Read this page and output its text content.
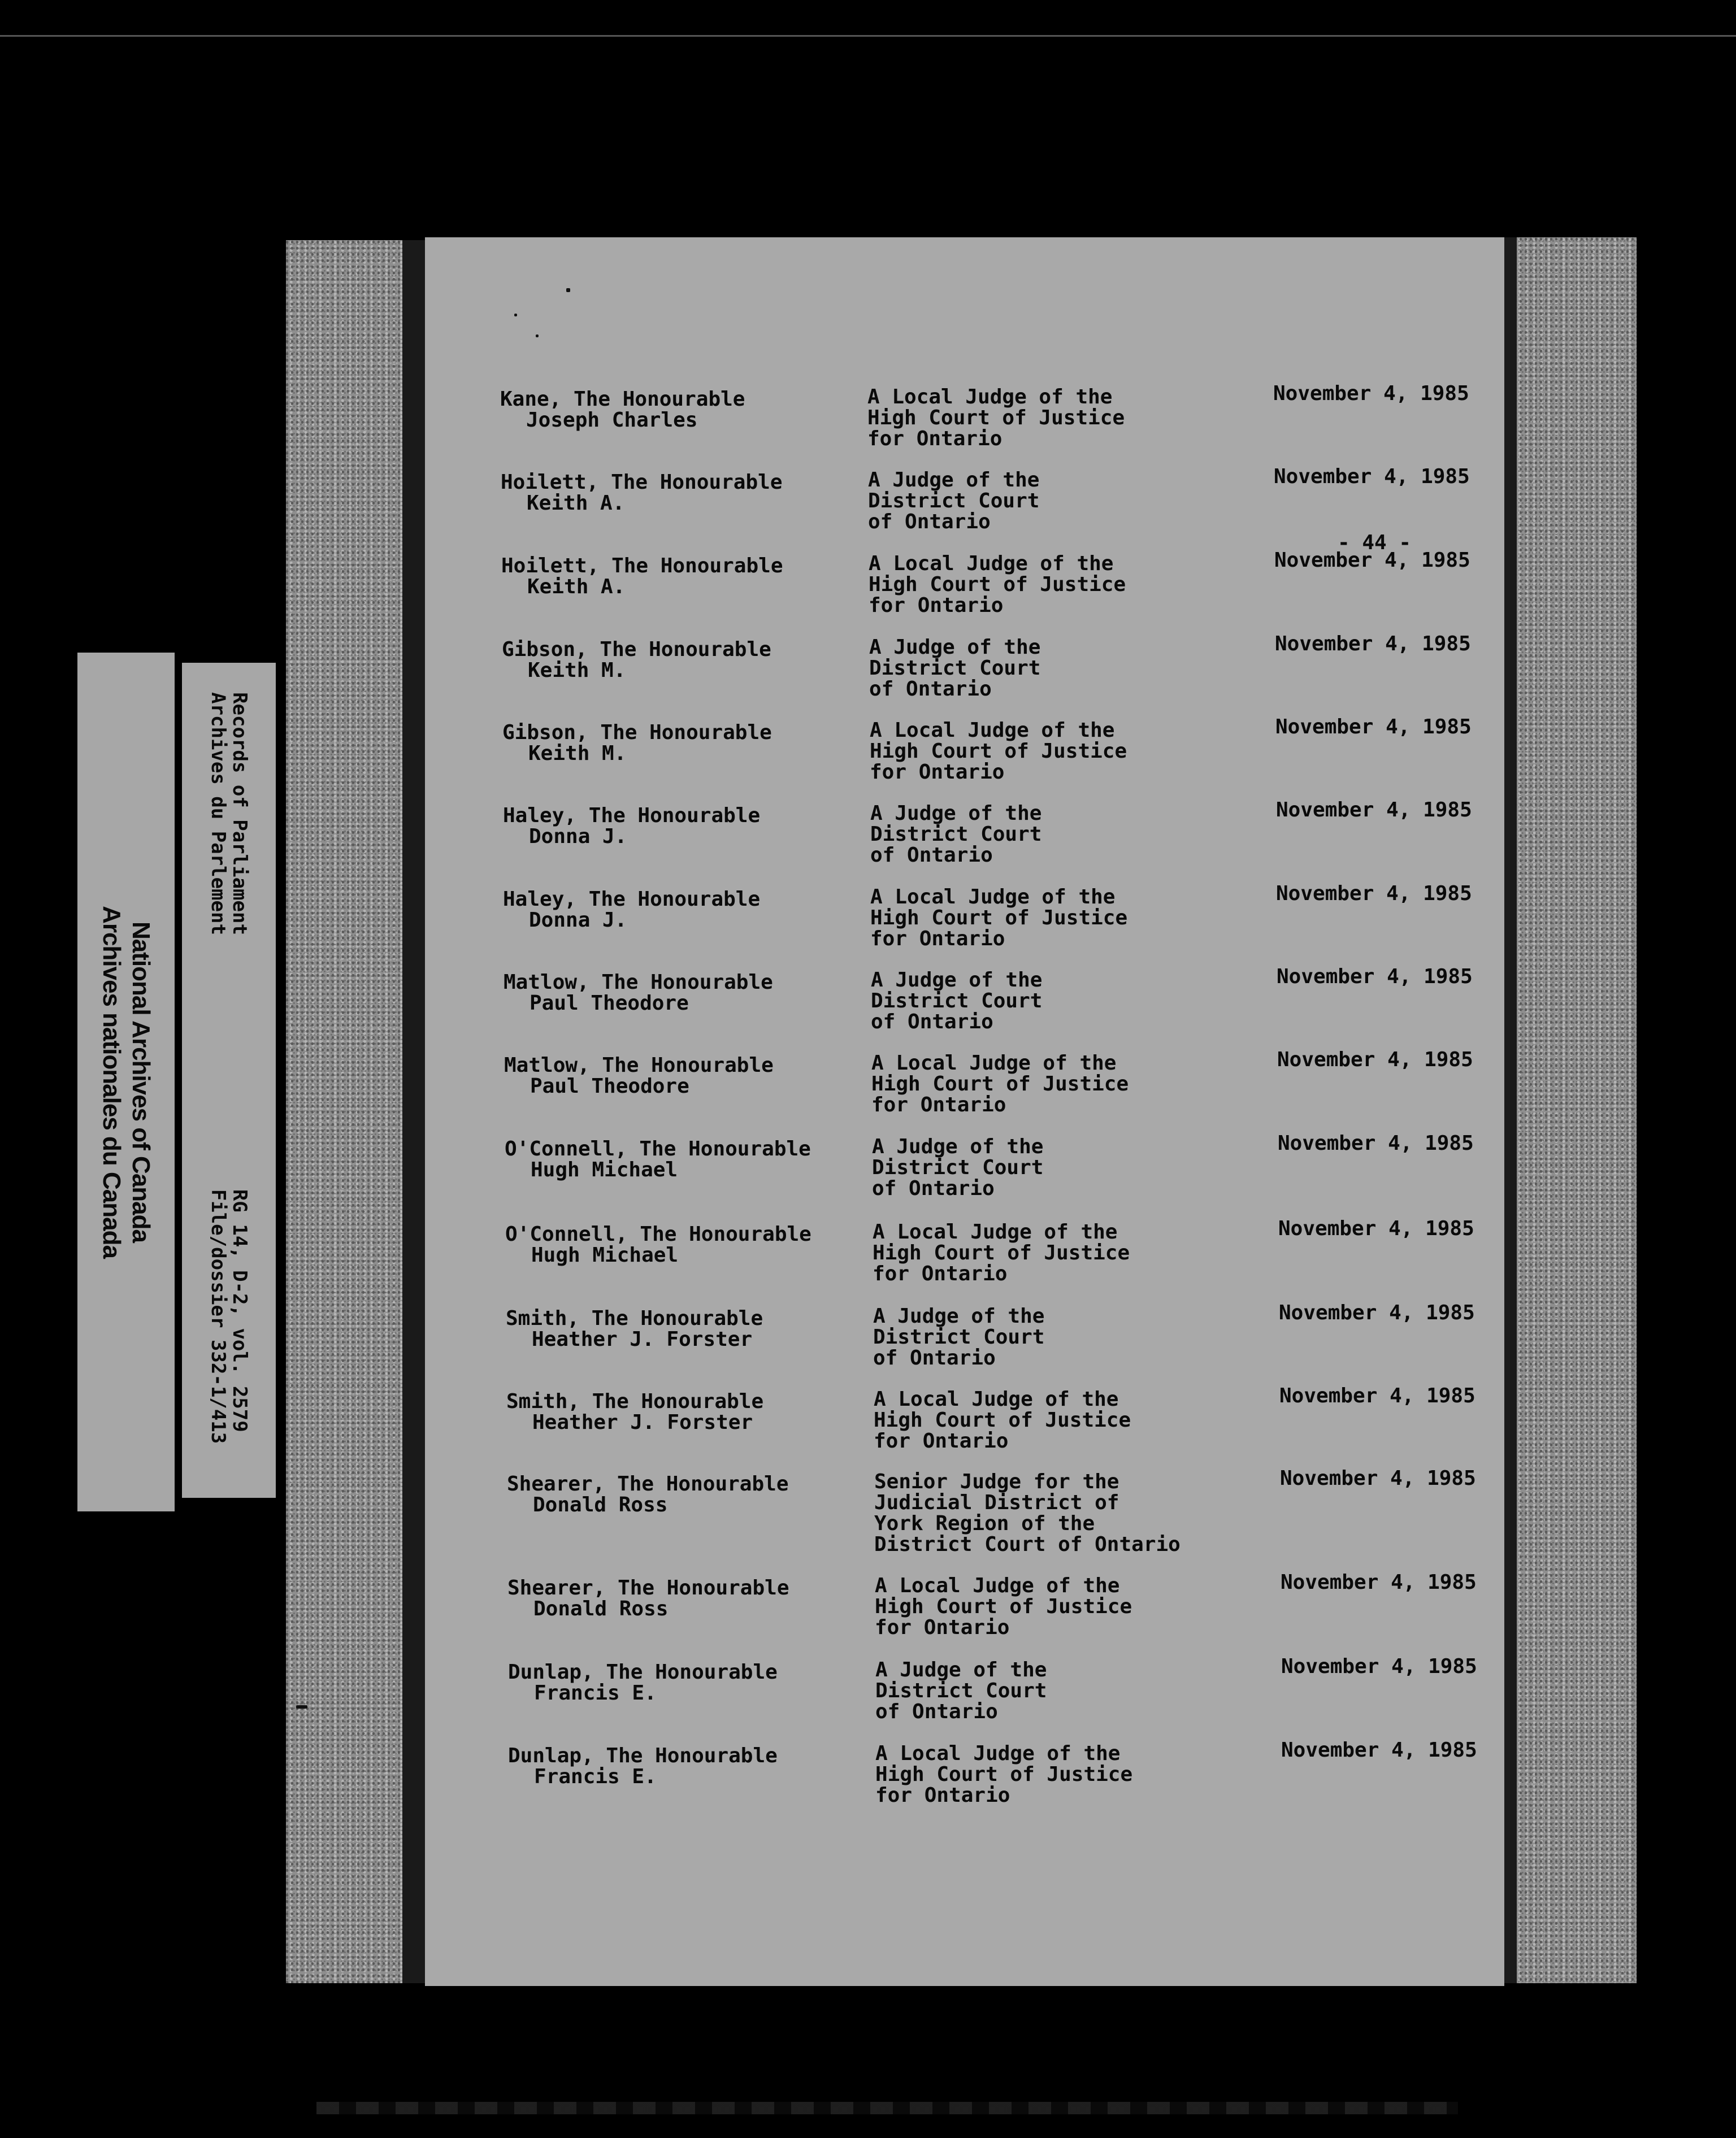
- 44 -
Kane, The Honourable
Joseph Charles
A Local Judge of the
High Court of Justice
for Ontario
November 4, 1985
Hoilett, The Honourable
Keith A.
A Judge of the
District Court
of Ontario
November 4, 1985
Hoilett, The Honourable
Keith A.
A Local Judge of the
High Court of Justice
for Ontario
November 4, 1985
Gibson, The Honourable
Keith M.
A Judge of the
District Court
of Ontario
November 4, 1985
Gibson, The Honourable
Keith M.
A Local Judge of the
High Court of Justice
for Ontario
November 4, 1985
Haley, The Honourable
Donna J.
A Judge of the
District Court
of Ontario
November 4, 1985
Haley, The Honourable
Donna J.
A Local Judge of the
High Court of Justice
for Ontario
November 4, 1985
Matlow, The Honourable
Paul Theodore
A Judge of the
District Court
of Ontario
November 4, 1985
Matlow, The Honourable
Paul Theodore
A Local Judge of the
High Court of Justice
for Ontario
November 4, 1985
O'Connell, The Honourable
Hugh Michael
A Judge of the
District Court
of Ontario
November 4, 1985
O'Connell, The Honourable
Hugh Michael
A Local Judge of the
High Court of Justice
for Ontario
November 4, 1985
Smith, The Honourable
Heather J. Forster
A Judge of the
District Court
of Ontario
November 4, 1985
Smith, The Honourable
Heather J. Forster
A Local Judge of the
High Court of Justice
for Ontario
November 4, 1985
Shearer, The Honourable
Donald Ross
Senior Judge for the
Judicial District of
York Region of the
District Court of Ontario
November 4, 1985
Shearer, The Honourable
Donald Ross
A Local Judge of the
High Court of Justice
for Ontario
November 4, 1985
Dunlap, The Honourable
Francis E.
A Judge of the
District Court
of Ontario
November 4, 1985
Dunlap, The Honourable
Francis E.
A Local Judge of the
High Court of Justice
for Ontario
November 4, 1985
National Archives of Canada
Archives nationales du Canada
Records of Parliament
Archives du Parlement
RG 14, D-2, vol. 2579
File/dossier 332-1/413
